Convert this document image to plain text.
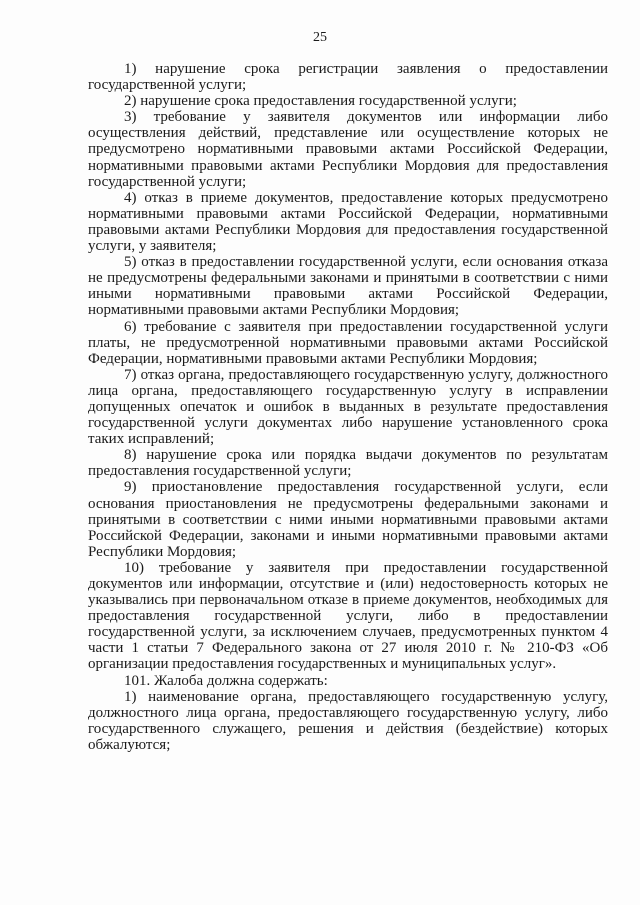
25

1) нарушение срока регистрации заявления о предоставлении государственной услуги;

2) нарушение срока предоставления государственной услуги;

3) требование у заявителя документов или информации либо осуществления действий, представление или осуществление которых не предусмотрено нормативными правовыми актами Российской Федерации, нормативными правовыми актами Республики Мордовия для предоставления государственной услуги;

4) отказ в приеме документов, предоставление которых предусмотрено нормативными правовыми актами Российской Федерации, нормативными правовыми актами Республики Мордовия для предоставления государственной услуги, у заявителя;

5) отказ в предоставлении государственной услуги, если основания отказа не предусмотрены федеральными законами и принятыми в соответствии с ними иными нормативными правовыми актами Российской Федерации, нормативными правовыми актами Республики Мордовия;

6) требование с заявителя при предоставлении государственной услуги платы, не предусмотренной нормативными правовыми актами Российской Федерации, нормативными правовыми актами Республики Мордовия;

7) отказ органа, предоставляющего государственную услугу, должностного лица органа, предоставляющего государственную услугу в исправлении допущенных опечаток и ошибок в выданных в результате предоставления государственной услуги документах либо нарушение установленного срока таких исправлений;

8) нарушение срока или порядка выдачи документов по результатам предоставления государственной услуги;

9) приостановление предоставления государственной услуги, если основания приостановления не предусмотрены федеральными законами и принятыми в соответствии с ними иными нормативными правовыми актами Российской Федерации, законами и иными нормативными правовыми актами Республики Мордовия;

10) требование у заявителя при предоставлении государственной документов или информации, отсутствие и (или) недостоверность которых не указывались при первоначальном отказе в приеме документов, необходимых для предоставления государственной услуги, либо в предоставлении государственной услуги, за исключением случаев, предусмотренных пунктом 4 части 1 статьи 7 Федерального закона от 27 июля 2010 г. № 210-ФЗ «Об организации предоставления государственных и муниципальных услуг».

101. Жалоба должна содержать:

1) наименование органа, предоставляющего государственную услугу, должностного лица органа, предоставляющего государственную услугу, либо государственного служащего, решения и действия (бездействие) которых обжалуются;
